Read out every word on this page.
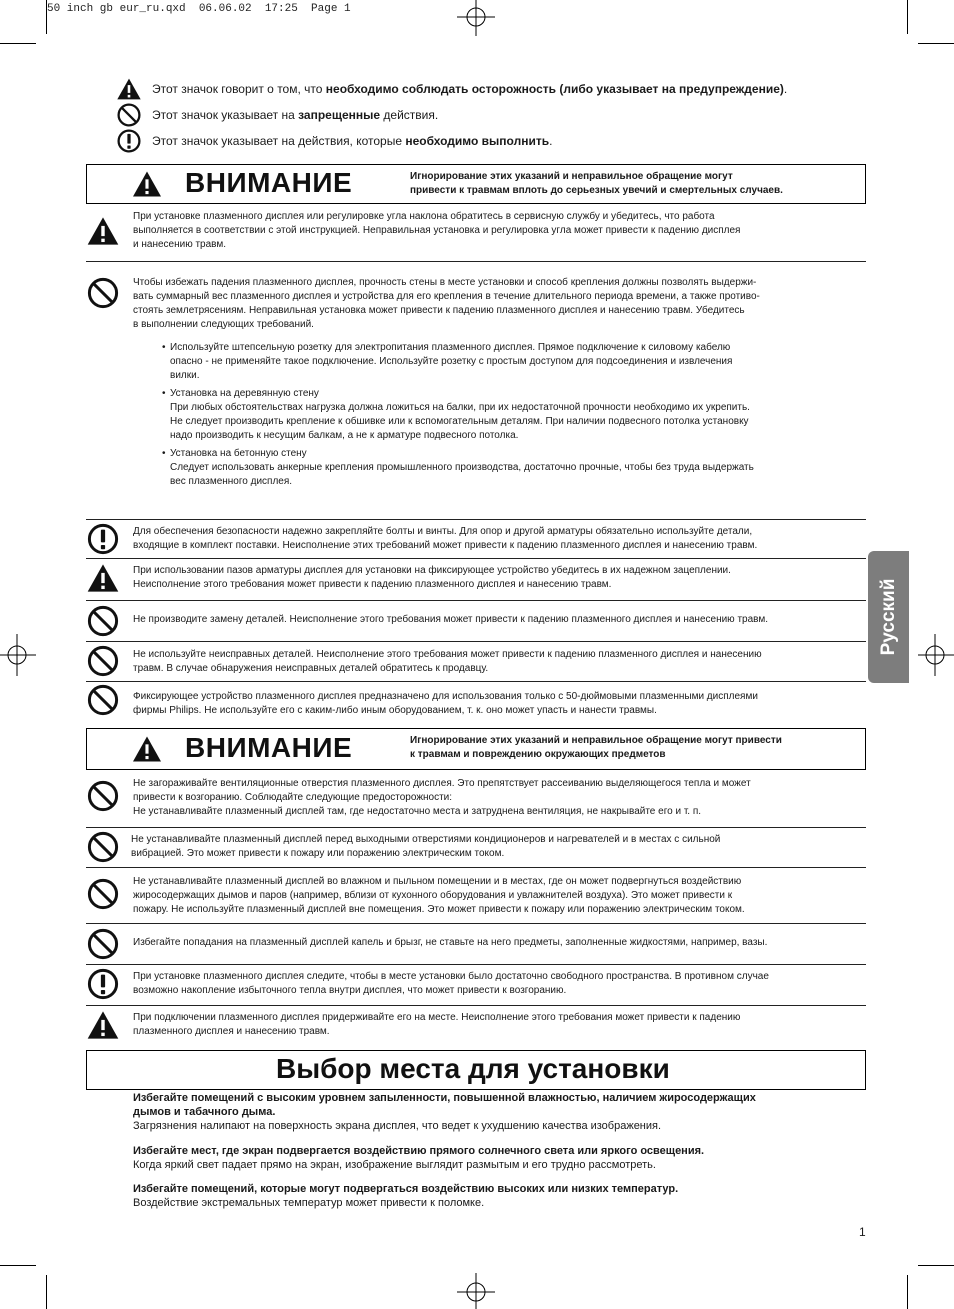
50 inch gb eur_ru.qxd  06.06.02  17:25  Page 1
Этот значок говорит о том, что необходимо соблюдать осторожность (либо указывает на предупреждение).
Этот значок указывает на запрещенные действия.
Этот значок указывает на действия, которые необходимо выполнить.
ВНИМАНИЕ	Игнорирование этих указаний и неправильное обращение могут
привести к травмам вплоть до серьезных увечий и смертельных случаев.
При установке плазменного дисплея или регулировке угла наклона обратитесь в сервисную службу и убедитесь, что работа
выполняется в соответствии с этой инструкцией. Неправильная установка и регулировка угла может привести к падению дисплея
и нанесению травм.
Чтобы избежать падения плазменного дисплея, прочность стены в месте установки и способ крепления должны позволять выдержи-
вать суммарный вес плазменного дисплея и устройства для его крепления в течение длительного периода времени, а также противо-
стоять землетрясениям. Неправильная установка может привести к падению плазменного дисплея и нанесению травм. Убедитесь
в выполнении следующих требований.
• Используйте штепсельную розетку для электропитания плазменного дисплея. Прямое подключение к силовому кабелю
опасно - не применяйте такое подключение. Используйте розетку с простым доступом для подсоединения и извлечения
вилки.
• Установка на деревянную стену
При любых обстоятельствах нагрузка должна ложиться на балки, при их недостаточной прочности необходимо их укрепить.
Не следует производить крепление к обшивке или к вспомогательным деталям. При наличии подвесного потолка установку
надо производить к несущим балкам, а не к арматуре подвесного потолка.
• Установка на бетонную стену
Следует использовать анкерные крепления промышленного производства, достаточно прочные, чтобы без труда выдержать
вес плазменного дисплея.
Для обеспечения безопасности надежно закрепляйте болты и винты. Для опор и другой арматуры обязательно используйте детали,
входящие в комплект поставки. Неисполнение этих требований может привести к падению плазменного дисплея и нанесению травм.
При использовании пазов арматуры дисплея для установки на фиксирующее устройство убедитесь в их надежном зацеплении.
Неисполнение этого требования может привести к падению плазменного дисплея и нанесению травм.
Не производите замену деталей. Неисполнение этого требования может привести к падению плазменного дисплея и нанесению травм.
Не используйте неисправных деталей. Неисполнение этого требования может привести к падению плазменного дисплея и нанесению
травм. В случае обнаружения неисправных деталей обратитесь к продавцу.
Фиксирующее устройство плазменного дисплея предназначено для использования только с 50-дюймовыми плазменными дисплеями
фирмы Philips. Не используйте его с каким-либо иным оборудованием, т. к. оно может упасть и нанести травмы.
Русский
ВНИМАНИЕ	Игнорирование этих указаний и неправильное обращение могут привести
к травмам и повреждению окружающих предметов
Не загораживайте вентиляционные отверстия плазменного дисплея. Это препятствует рассеиванию выделяющегося тепла и может
привести к возгоранию. Соблюдайте следующие предосторожности:
Не устанавливайте плазменный дисплей там, где недостаточно места и затруднена вентиляция, не накрывайте его и т. п.
Не устанавливайте плазменный дисплей перед выходными отверстиями кондиционеров и нагревателей и в местах с сильной
вибрацией. Это может привести к пожару или поражению электрическим током.
Не устанавливайте плазменный дисплей во влажном и пыльном помещении и в местах, где он может подвергнуться воздействию
жиросодержащих дымов и паров (например, вблизи от кухонного оборудования и увлажнителей воздуха). Это может привести к
пожару. Не используйте плазменный дисплей вне помещения. Это может привести к пожару или поражению электрическим током.
Избегайте попадания на плазменный дисплей капель и брызг, не ставьте на него предметы, заполненные жидкостями, например, вазы.
При установке плазменного дисплея следите, чтобы в месте установки было достаточно свободного пространства. В противном случае
возможно накопление избыточного тепла внутри дисплея, что может привести к возгоранию.
При подключении плазменного дисплея придерживайте его на месте. Неисполнение этого требования может привести к падению
плазменного дисплея и нанесению травм.
Выбор места для установки
Избегайте помещений с высоким уровнем запыленности, повышенной влажностью, наличием жиросодержащих
дымов и табачного дыма.
Загрязнения налипают на поверхность экрана дисплея, что ведет к ухудшению качества изображения.
Избегайте мест, где экран подвергается воздействию прямого солнечного света или яркого освещения.
Когда яркий свет падает прямо на экран, изображение выглядит размытым и его трудно рассмотреть.
Избегайте помещений, которые могут подвергаться воздействию высоких или низких температур.
Воздействие экстремальных температур может привести к поломке.
1
